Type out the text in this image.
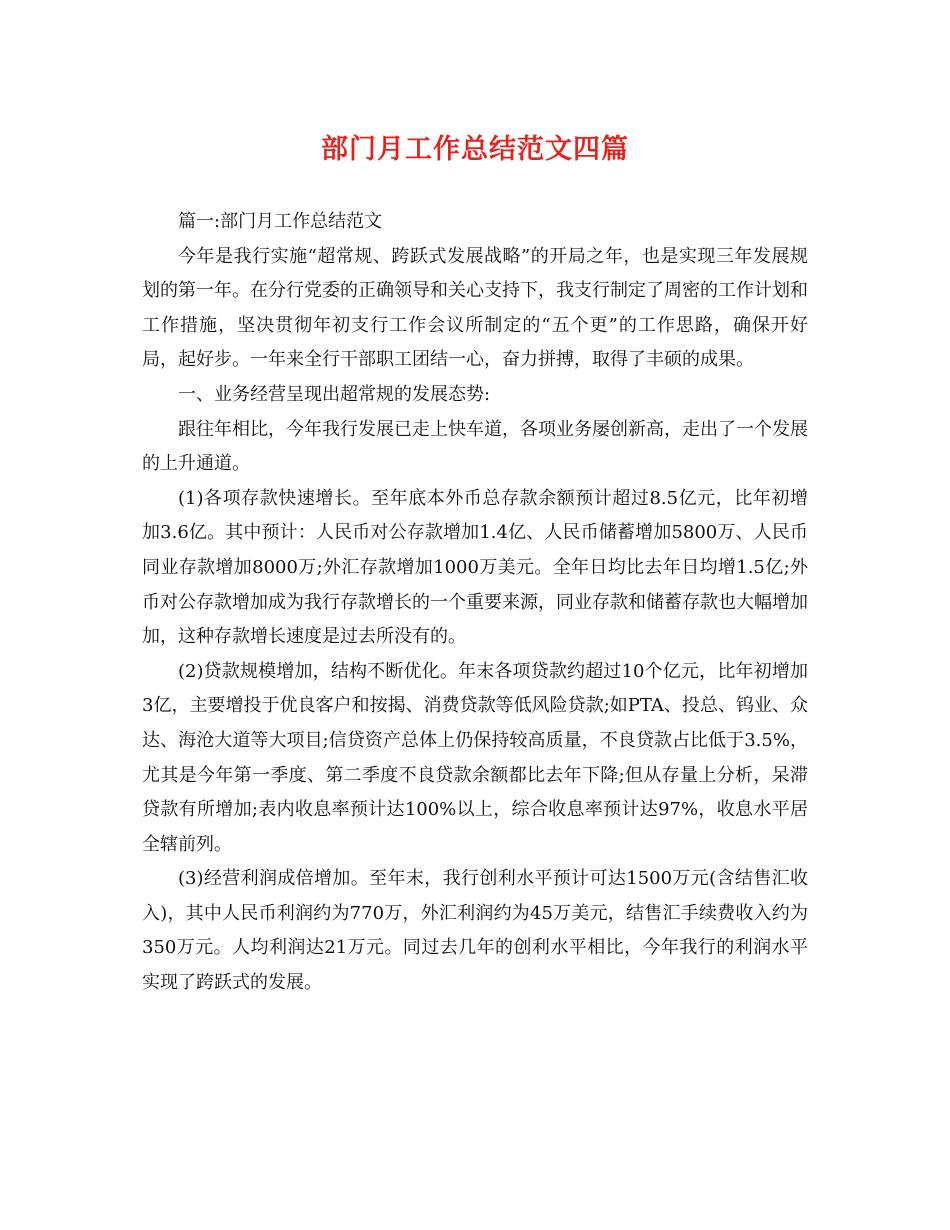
部门月工作总结范文四篇

篇一:部门月工作总结范文

今年是我行实施“超常规、跨跃式发展战略”的开局之年，也是实现三年发展规划的第一年。在分行党委的正确领导和关心支持下，我支行制定了周密的工作计划和工作措施，坚决贯彻年初支行工作会议所制定的“五个更”的工作思路，确保开好局，起好步。一年来全行干部职工团结一心，奋力拼搏，取得了丰硕的成果。

一、业务经营呈现出超常规的发展态势:

跟往年相比，今年我行发展已走上快车道，各项业务屡创新高，走出了一个发展的上升通道。

(1)各项存款快速增长。至年底本外币总存款余额预计超过8.5亿元，比年初增加3.6亿。其中预计：人民币对公存款增加1.4亿、人民币储蓄增加5800万、人民币同业存款增加8000万;外汇存款增加1000万美元。全年日均比去年日均增1.5亿;外币对公存款增加成为我行存款增长的一个重要来源，同业存款和储蓄存款也大幅增加加，这种存款增长速度是过去所没有的。

(2)贷款规模增加，结构不断优化。年末各项贷款约超过10个亿元，比年初增加3亿，主要增投于优良客户和按揭、消费贷款等低风险贷款;如PTA、投总、钨业、众达、海沧大道等大项目;信贷资产总体上仍保持较高质量，不良贷款占比低于3.5%，尤其是今年第一季度、第二季度不良贷款余额都比去年下降;但从存量上分析，呆滞贷款有所增加;表内收息率预计达100%以上，综合收息率预计达97%，收息水平居全辖前列。

(3)经营利润成倍增加。至年末，我行创利水平预计可达1500万元(含结售汇收入)，其中人民币利润约为770万，外汇利润约为45万美元，结售汇手续费收入约为350万元。人均利润达21万元。同过去几年的创利水平相比，今年我行的利润水平实现了跨跃式的发展。
